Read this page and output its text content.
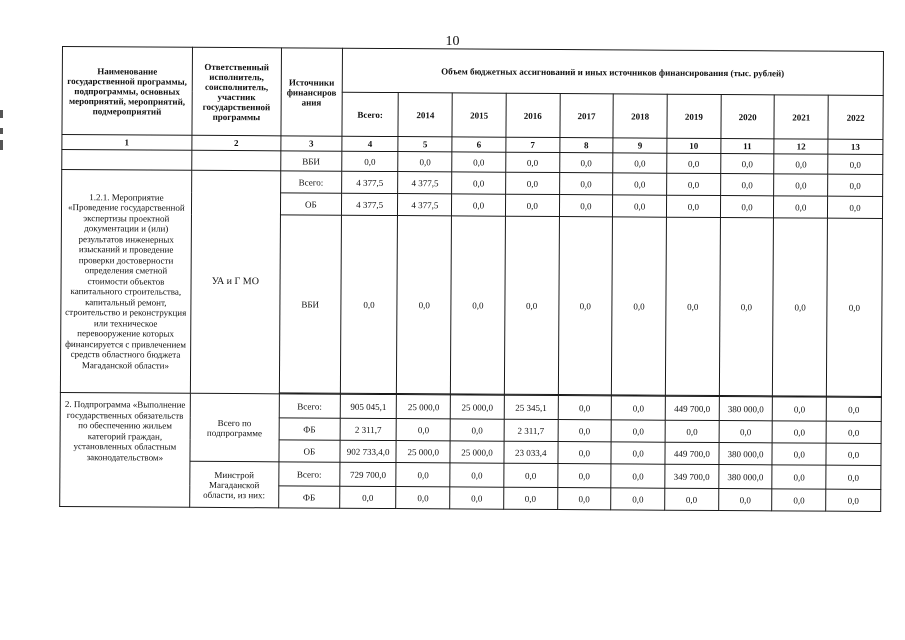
10
Наименование государственной программы, подпрограммы, основных мероприятий, мероприятий, подмероприятий	Ответственный исполнитель, соисполнитель, участник государственной программы	Источники финансиров ания	Объем бюджетных ассигнований и иных источников финансирования (тыс. рублей)									
			Всего:	2014	2015	2016	2017	2018	2019	2020	2021	2022
1	2	3	4	5	6	7	8	9	10	11	12	13
		ВБИ	0,0	0,0	0,0	0,0	0,0	0,0	0,0	0,0	0,0	0,0
1.2.1. Мероприятие «Проведение государственной экспертизы проектной документации и (или) результатов инженерных изысканий и проведение проверки достоверности определения сметной стоимости объектов капитального строительства, капитальный ремонт, строительство и реконструкция или техническое перевооружение которых финансируется с привлечением средств областного бюджета Магаданской области»	УА и Г МО	Всего:	4 377,5	4 377,5	0,0	0,0	0,0	0,0	0,0	0,0	0,0	0,0
		ОБ	4 377,5	4 377,5	0,0	0,0	0,0	0,0	0,0	0,0	0,0	0,0
		ВБИ	0,0	0,0	0,0	0,0	0,0	0,0	0,0	0,0	0,0	0,0

2. Подпрограмма «Выполнение государственных обязательств по обеспечению жильем категорий граждан, установленных областным законодательством»	Всего по подпрограмме	Всего:	905 045,1	25 000,0	25 000,0	25 345,1	0,0	0,0	449 700,0	380 000,0	0,0	0,0
		ФБ	2 311,7	0,0	0,0	2 311,7	0,0	0,0	0,0	0,0	0,0	0,0
		ОБ	902 733,4,0	25 000,0	25 000,0	23 033,4	0,0	0,0	449 700,0	380 000,0	0,0	0,0
	Минстрой Магаданской области, из них:	Всего:	729 700,0	0,0	0,0	0,0	0,0	0,0	349 700,0	380 000,0	0,0	0,0
		ФБ	0,0	0,0	0,0	0,0	0,0	0,0	0,0	0,0	0,0	0,0
